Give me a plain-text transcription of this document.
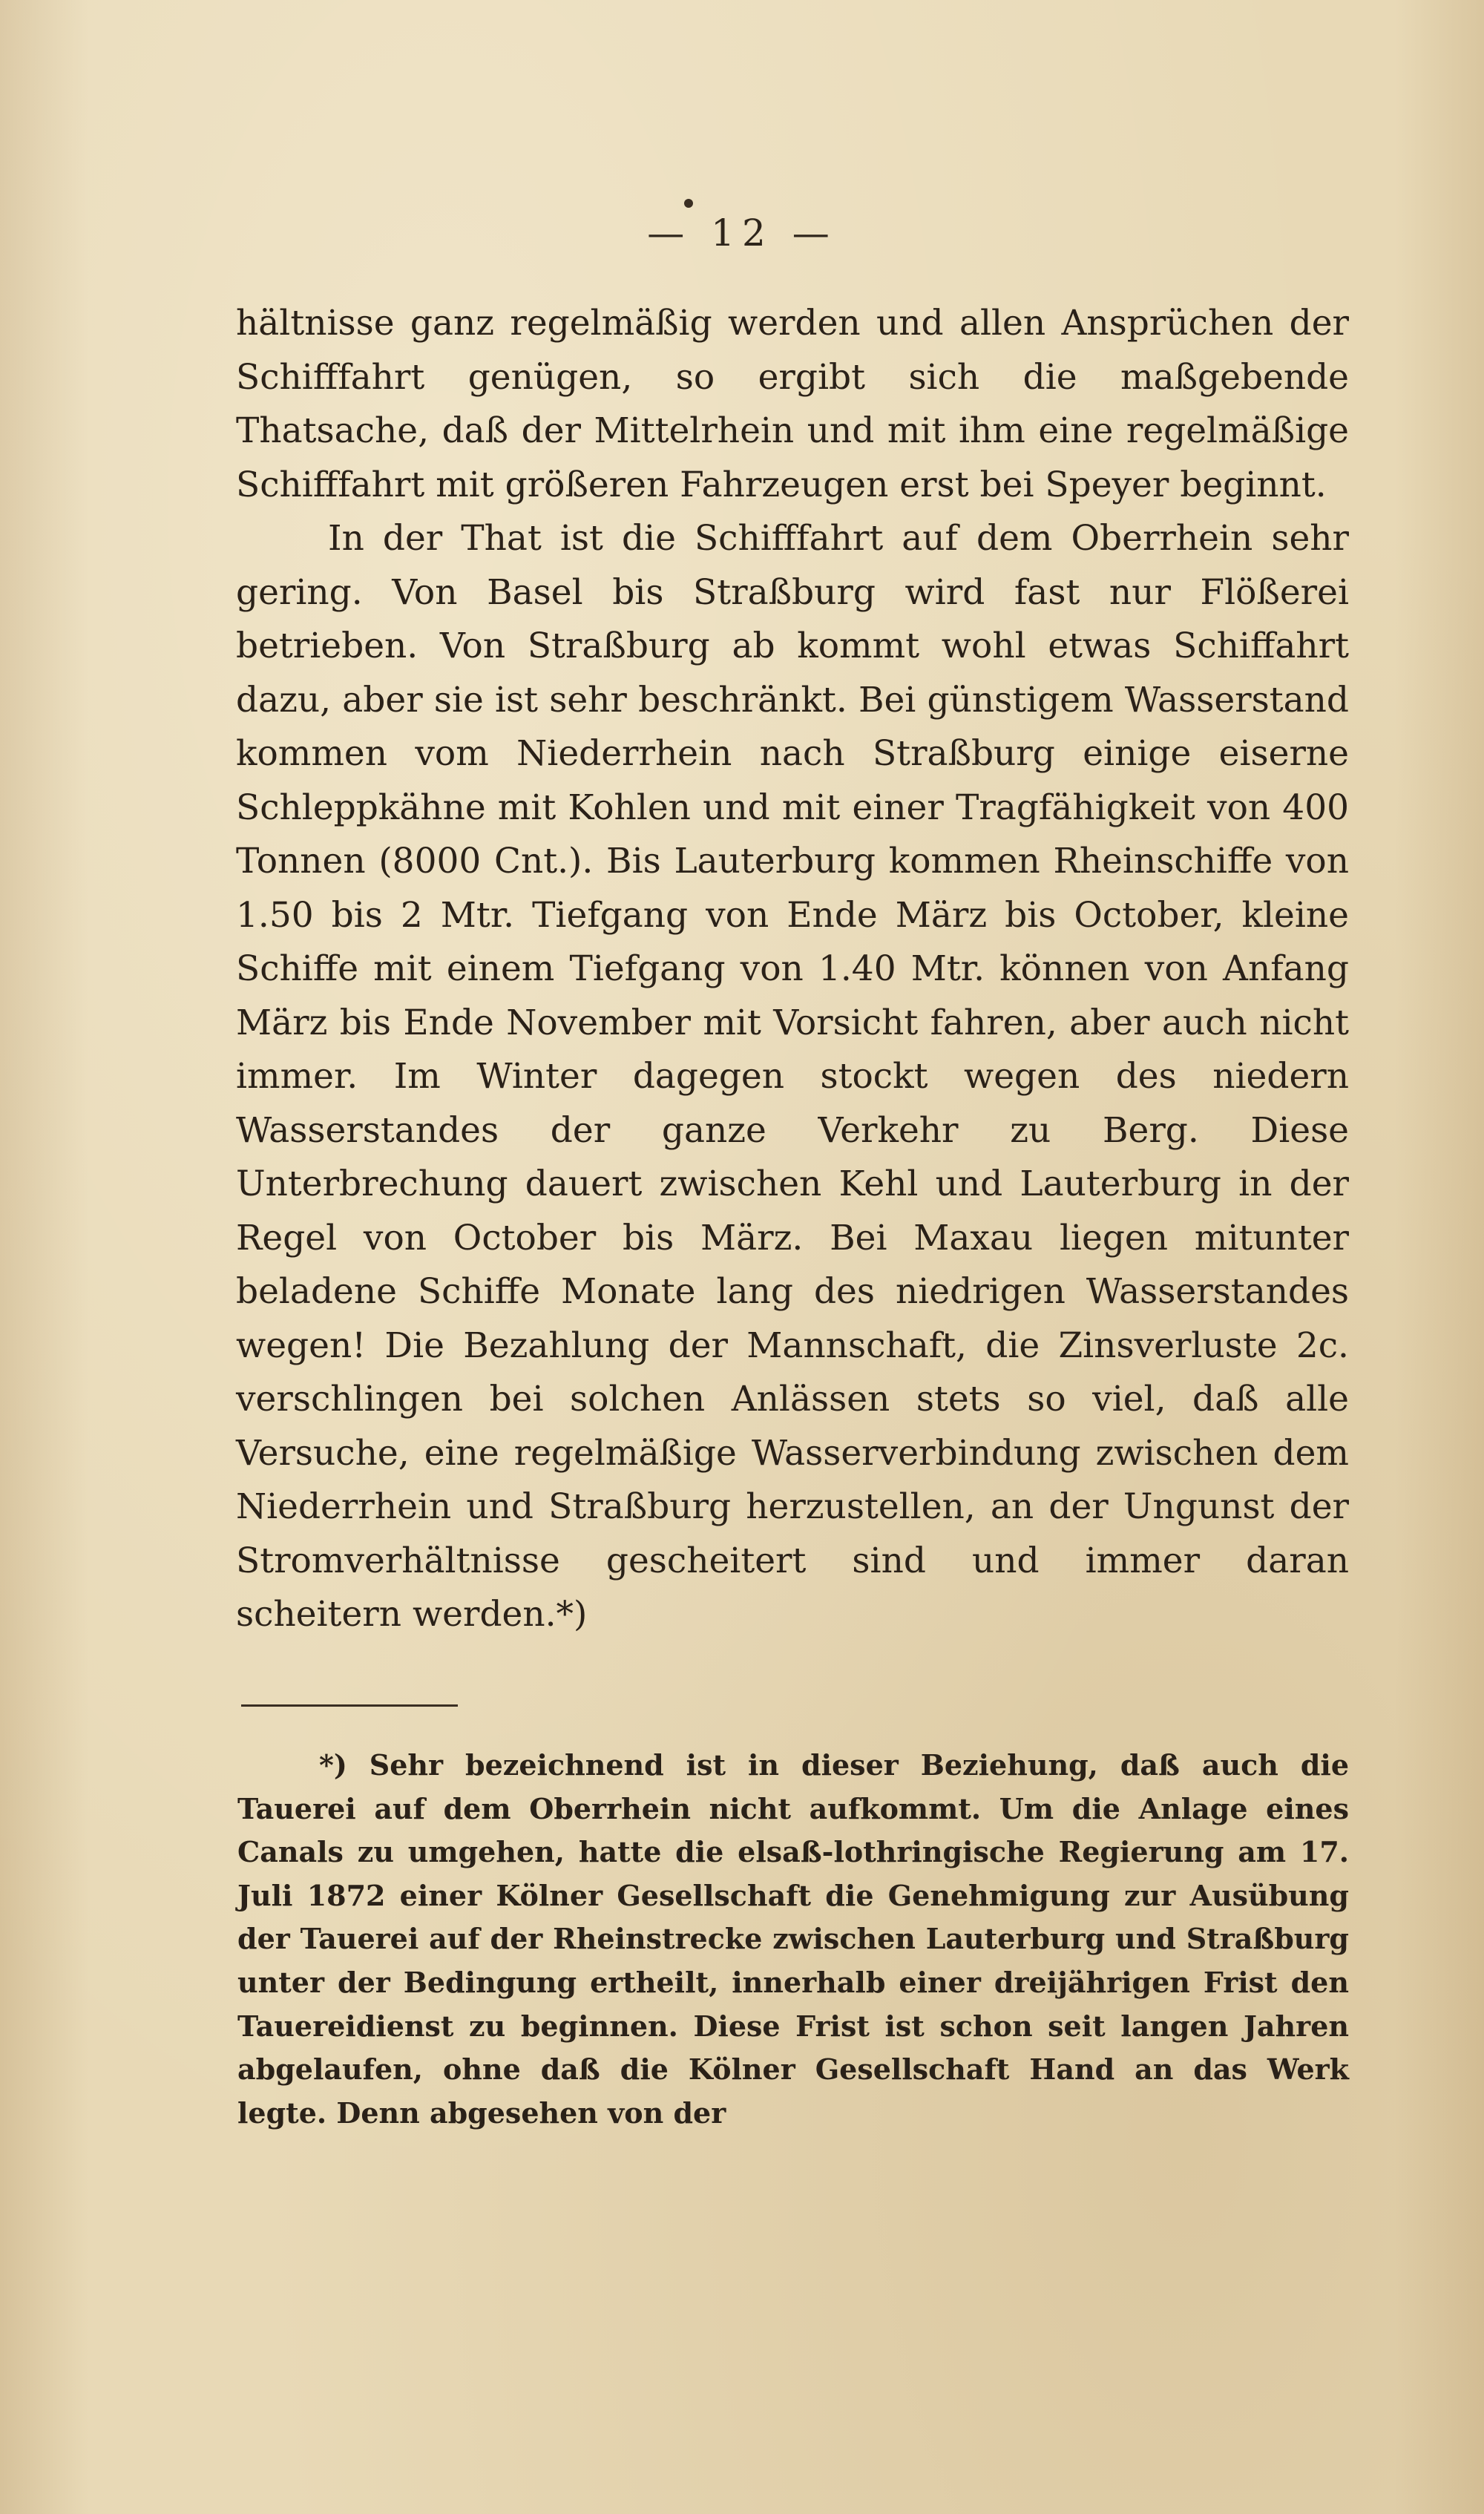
— 12 —

hältnisse ganz regelmäßig werden und allen Ansprüchen der Schifffahrt genügen, so ergibt sich die maßgebende Thatsache, daß der Mittelrhein und mit ihm eine regelmäßige Schifffahrt mit größeren Fahrzeugen erst bei Speyer beginnt.

In der That ist die Schifffahrt auf dem Oberrhein sehr gering. Von Basel bis Straßburg wird fast nur Flößerei betrieben. Von Straßburg ab kommt wohl etwas Schiffahrt dazu, aber sie ist sehr beschränkt. Bei günstigem Wasserstand kommen vom Niederrhein nach Straßburg einige eiserne Schleppkähne mit Kohlen und mit einer Tragfähigkeit von 400 Tonnen (8000 Cnt.). Bis Lauterburg kommen Rheinschiffe von 1.50 bis 2 Mtr. Tiefgang von Ende März bis October, kleine Schiffe mit einem Tiefgang von 1.40 Mtr. können von Anfang März bis Ende November mit Vorsicht fahren, aber auch nicht immer. Im Winter dagegen stockt wegen des niedern Wasserstandes der ganze Verkehr zu Berg. Diese Unterbrechung dauert zwischen Kehl und Lauterburg in der Regel von October bis März. Bei Maxau liegen mitunter beladene Schiffe Monate lang des niedrigen Wasserstandes wegen! Die Bezahlung der Mannschaft, die Zinsverluste 2c. verschlingen bei solchen Anlässen stets so viel, daß alle Versuche, eine regelmäßige Wasserverbindung zwischen dem Niederrhein und Straßburg herzustellen, an der Ungunst der Stromverhältnisse gescheitert sind und immer daran scheitern werden.*)

*) Sehr bezeichnend ist in dieser Beziehung, daß auch die Tauerei auf dem Oberrhein nicht aufkommt. Um die Anlage eines Canals zu umgehen, hatte die elsaß-lothringische Regierung am 17. Juli 1872 einer Kölner Gesellschaft die Genehmigung zur Ausübung der Tauerei auf der Rheinstrecke zwischen Lauterburg und Straßburg unter der Bedingung ertheilt, innerhalb einer dreijährigen Frist den Tauereidienst zu beginnen. Diese Frist ist schon seit langen Jahren abgelaufen, ohne daß die Kölner Gesellschaft Hand an das Werk legte. Denn abgesehen von der
